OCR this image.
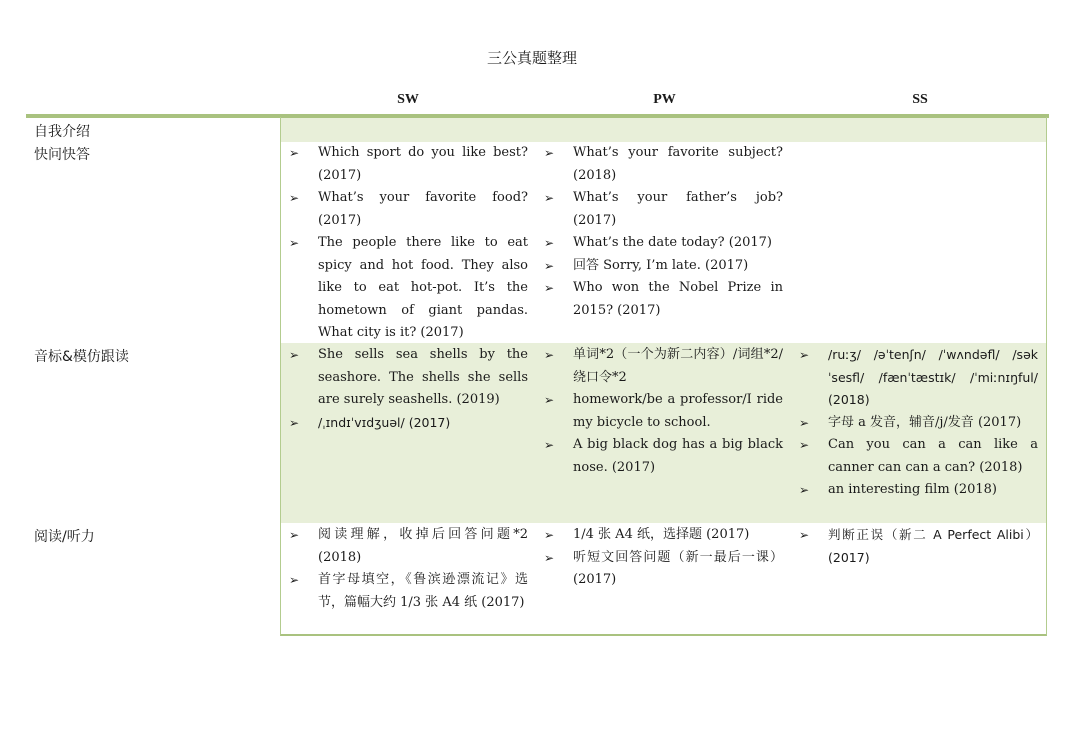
三公真题整理
SW	PW	SS
自我介绍
快问快答
音标&模仿跟读
阅读/听力
➢ Which sport do you like best? (2017)
➢ What’s your favorite food? (2017)
➢ The people there like to eat spicy and hot food. They also like to eat hot-pot. It’s the hometown of giant pandas. What city is it? (2017)
➢ What’s your favorite subject? (2018)
➢ What’s your father’s job? (2017)
➢ What’s the date today? (2017)
➢ 回答 Sorry, I’m late. (2017)
➢ Who won the Nobel Prize in 2015? (2017)
➢ She sells sea shells by the seashore. The shells she sells are surely seashells. (2019)
➢ /ˌɪndɪˈvɪdʒuəl/ (2017)
➢ 单词*2（一个为新二内容）/词组*2/绕口令*2
➢ homework/be a professor/I ride my bicycle to school.
➢ A big black dog has a big black nose. (2017)
➢ /ruːʒ/ /əˈtenʃn/ /ˈwʌndəfl/ /səkˈsesfl/ /fænˈtæstɪk/ /ˈmiːnɪŋful/ (2018)
➢ 字母 a 发音，辅音/j/发音 (2017)
➢ Can you can a can like a canner can can a can? (2018)
➢ an interesting film (2018)
➢ 阅读理解，收掉后回答问题*2 (2018)
➢ 首字母填空，《鲁滨逊漂流记》选节，篇幅大约 1/3 张 A4 纸 (2017)
➢ 1/4 张 A4 纸，选择题 (2017)
➢ 听短文回答问题（新一最后一课） (2017)
➢ 判断正误（新二 A Perfect Alibi） (2017)
